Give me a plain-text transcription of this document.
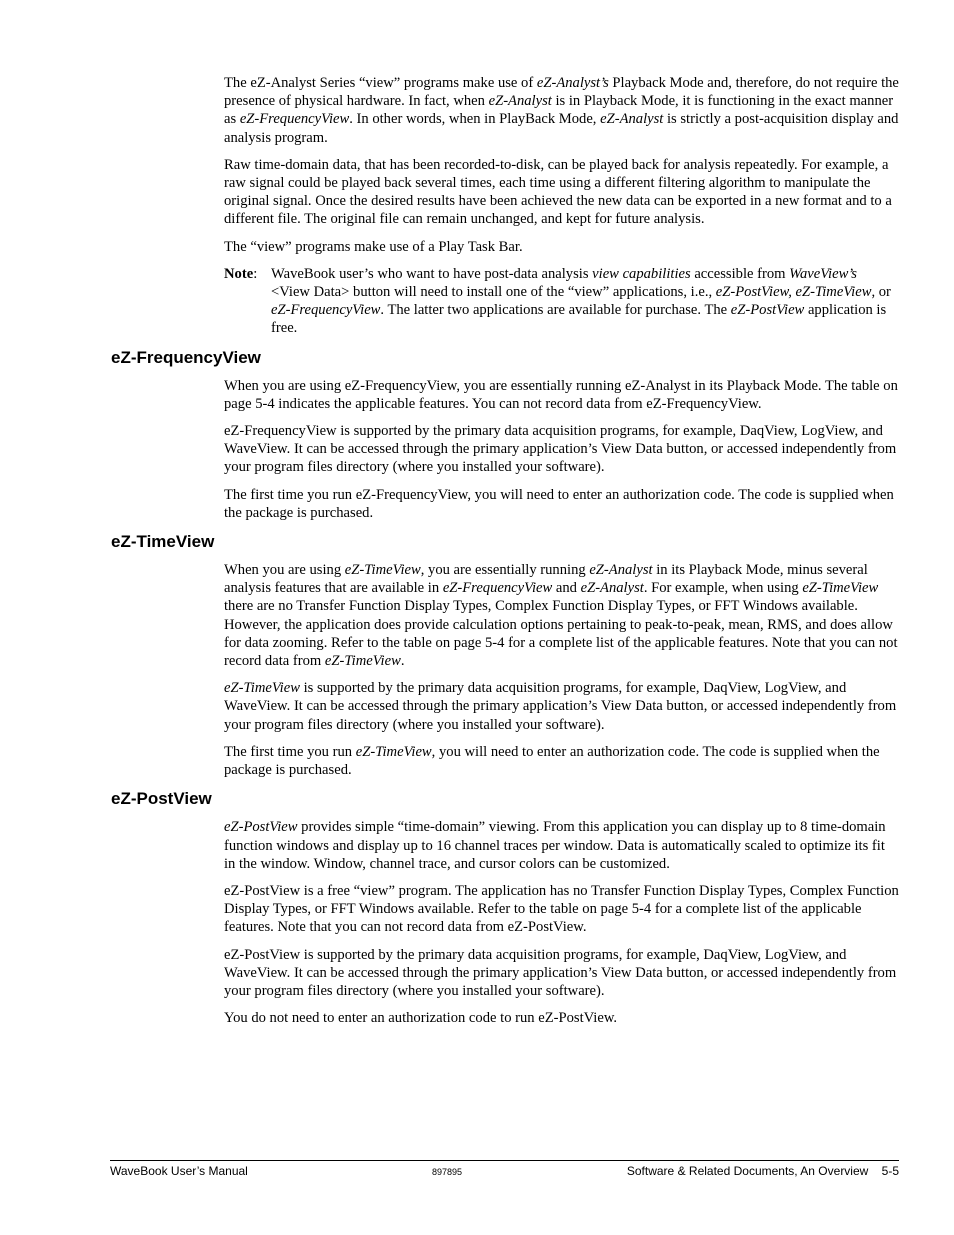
The eZ-Analyst Series “view” programs make use of eZ-Analyst’s Playback Mode and, therefore, do not require the presence of physical hardware. In fact, when eZ-Analyst is in Playback Mode, it is functioning in the exact manner as eZ-FrequencyView. In other words, when in PlayBack Mode, eZ-Analyst is strictly a post-acquisition display and analysis program.

Raw time-domain data, that has been recorded-to-disk, can be played back for analysis repeatedly. For example, a raw signal could be played back several times, each time using a different filtering algorithm to manipulate the original signal. Once the desired results have been achieved the new data can be exported in a new format and to a different file. The original file can remain unchanged, and kept for future analysis.

The “view” programs make use of a Play Task Bar.

Note: WaveBook user’s who want to have post-data analysis view capabilities accessible from WaveView’s <View Data> button will need to install one of the “view” applications, i.e., eZ-PostView, eZ-TimeView, or eZ-FrequencyView. The latter two applications are available for purchase. The eZ-PostView application is free.
eZ-FrequencyView

When you are using eZ-FrequencyView, you are essentially running eZ-Analyst in its Playback Mode. The table on page 5-4 indicates the applicable features. You can not record data from eZ-FrequencyView.

eZ-FrequencyView is supported by the primary data acquisition programs, for example, DaqView, LogView, and WaveView. It can be accessed through the primary application’s View Data button, or accessed independently from your program files directory (where you installed your software).

The first time you run eZ-FrequencyView, you will need to enter an authorization code. The code is supplied when the package is purchased.

eZ-TimeView

When you are using eZ-TimeView, you are essentially running eZ-Analyst in its Playback Mode, minus several analysis features that are available in eZ-FrequencyView and eZ-Analyst. For example, when using eZ-TimeView there are no Transfer Function Display Types, Complex Function Display Types, or FFT Windows available. However, the application does provide calculation options pertaining to peak-to-peak, mean, RMS, and does allow for data zooming. Refer to the table on page 5-4 for a complete list of the applicable features. Note that you can not record data from eZ-TimeView.

eZ-TimeView is supported by the primary data acquisition programs, for example, DaqView, LogView, and WaveView. It can be accessed through the primary application’s View Data button, or accessed independently from your program files directory (where you installed your software).

The first time you run eZ-TimeView, you will need to enter an authorization code. The code is supplied when the package is purchased.

eZ-PostView

eZ-PostView provides simple “time-domain” viewing. From this application you can display up to 8 time-domain function windows and display up to 16 channel traces per window. Data is automatically scaled to optimize its fit in the window. Window, channel trace, and cursor colors can be customized.

eZ-PostView is a free “view” program. The application has no Transfer Function Display Types, Complex Function Display Types, or FFT Windows available. Refer to the table on page 5-4 for a complete list of the applicable features. Note that you can not record data from eZ-PostView.

eZ-PostView is supported by the primary data acquisition programs, for example, DaqView, LogView, and WaveView. It can be accessed through the primary application’s View Data button, or accessed independently from your program files directory (where you installed your software).

You do not need to enter an authorization code to run eZ-PostView.

WaveBook User’s Manual	897895	Software & Related Documents, An Overview    5-5
